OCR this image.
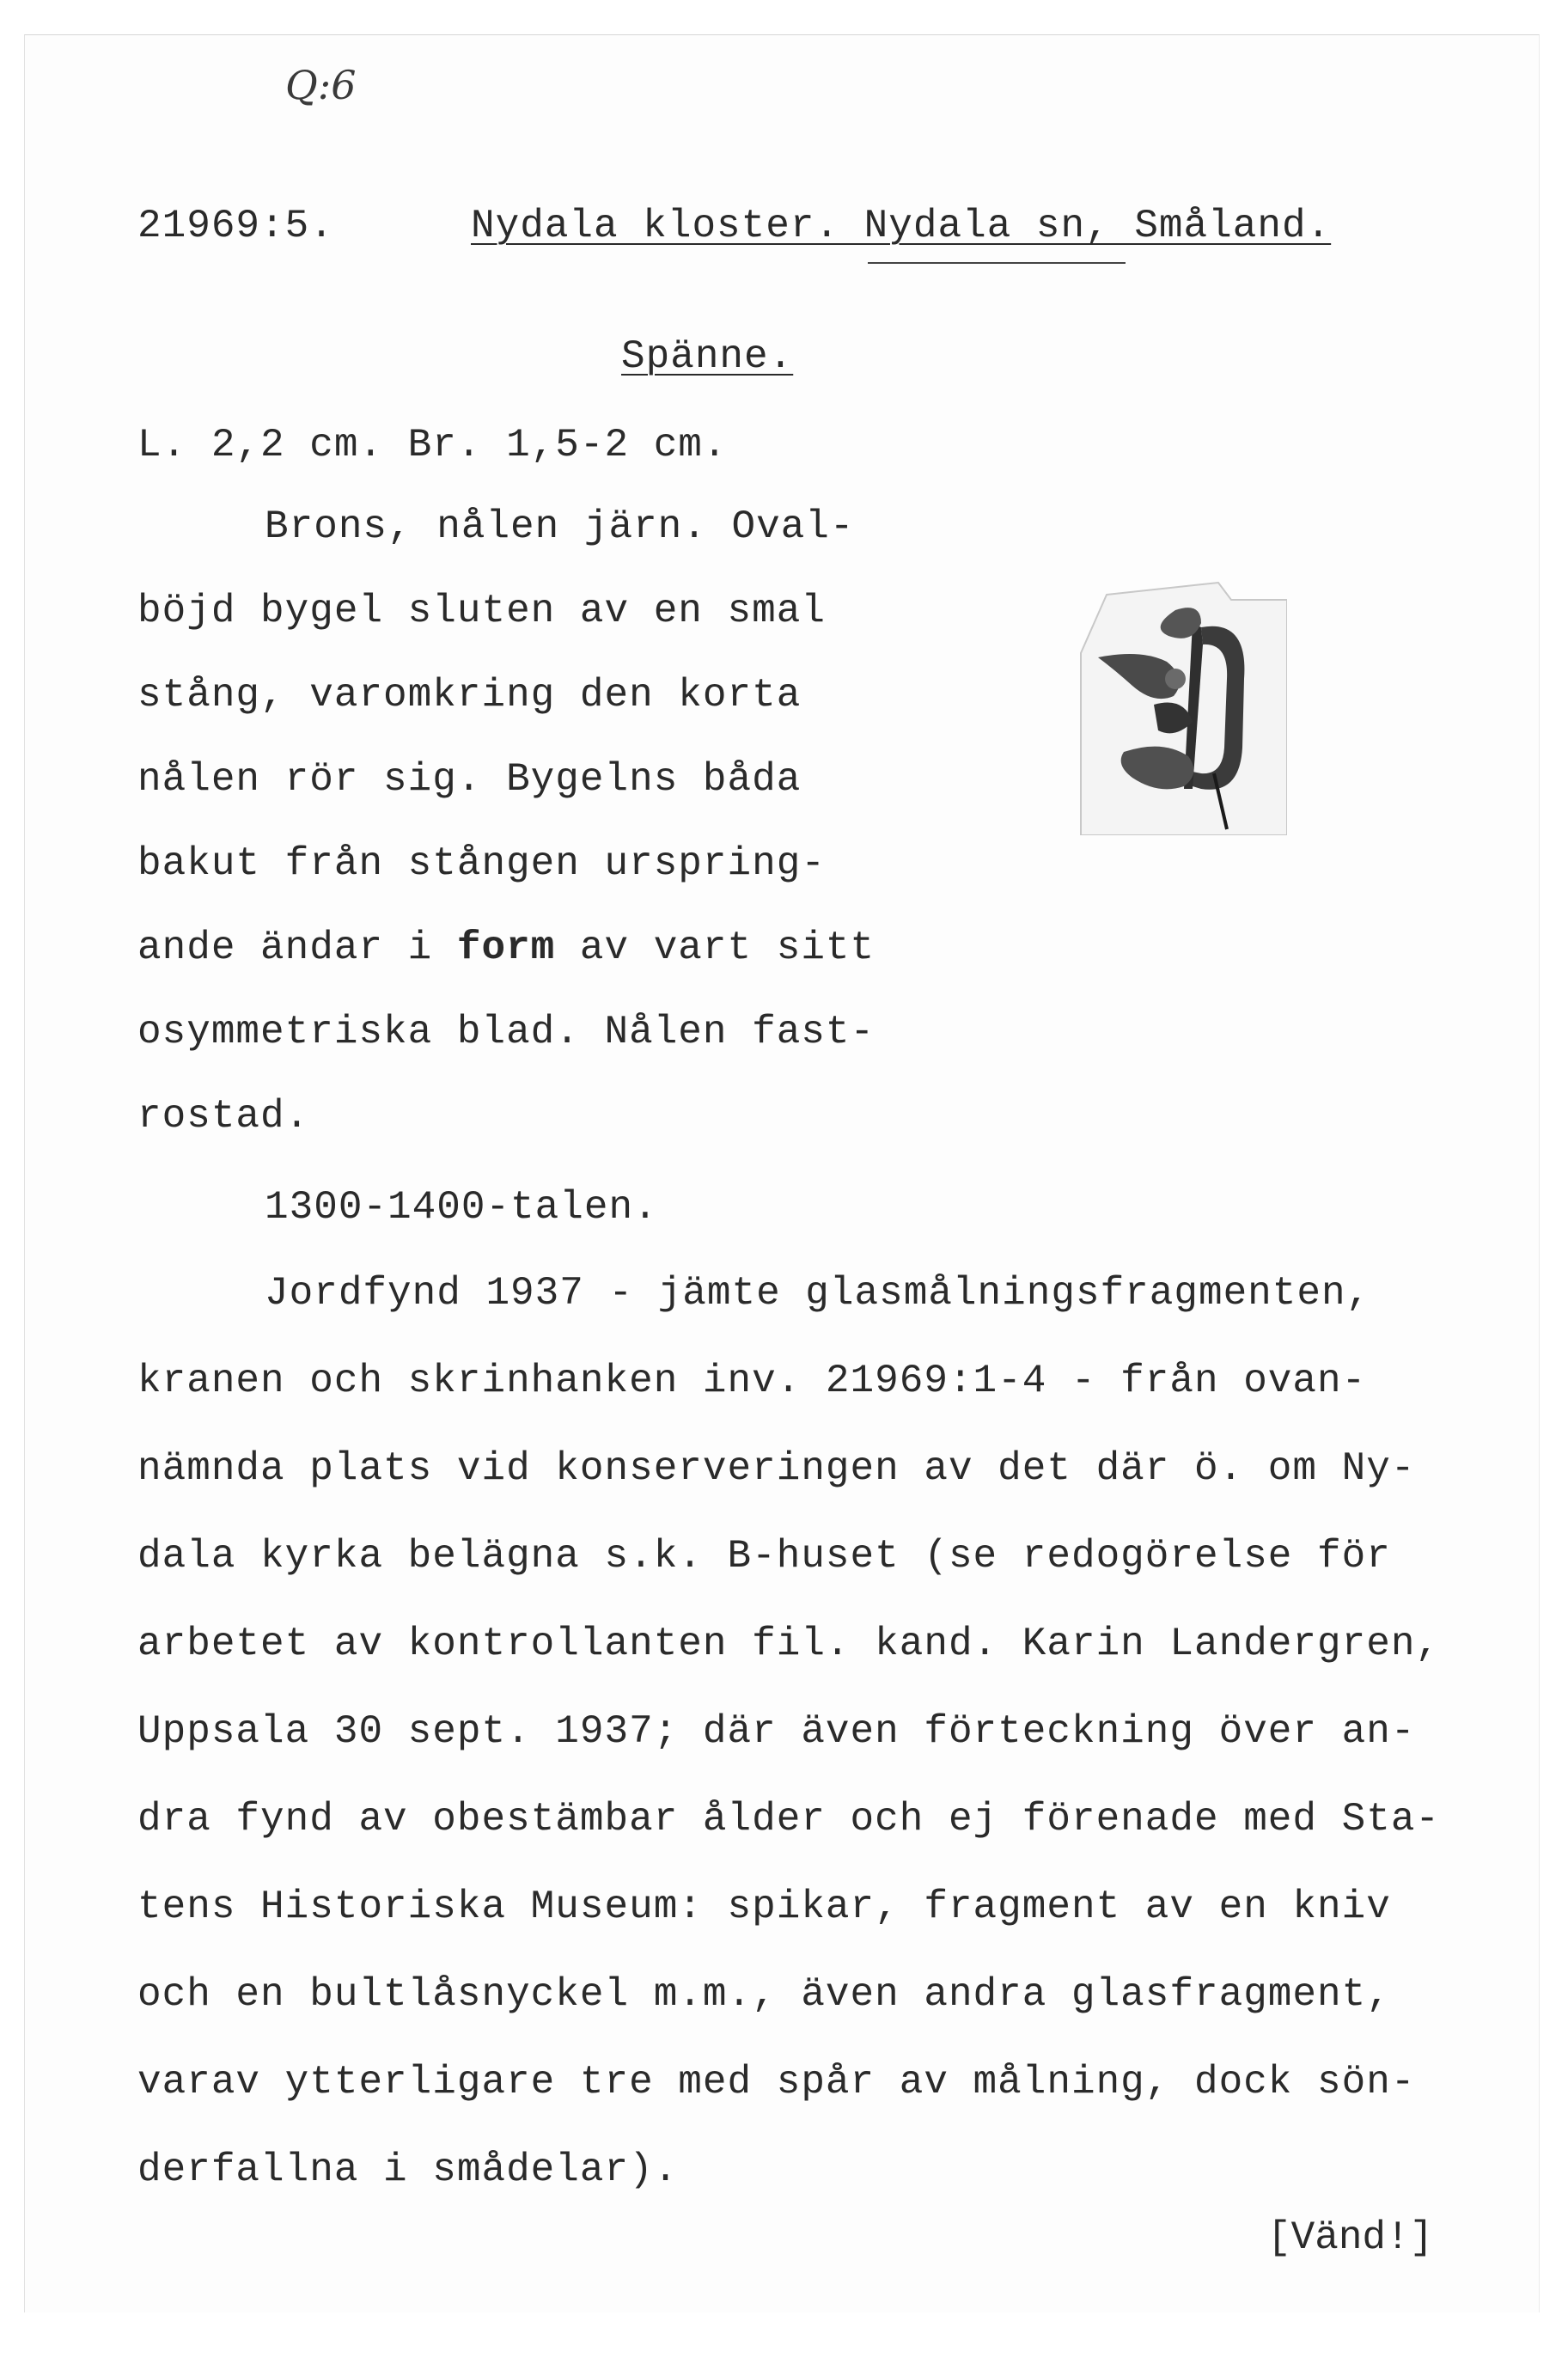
Q:6
21969:5.	Nydala kloster. Nydala sn, Småland.
Spänne.
L. 2,2 cm. Br. 1,5-2 cm.
Brons, nålen järn. Oval-
böjd bygel sluten av en smal
stång, varomkring den korta
nålen rör sig. Bygelns båda
bakut från stången urspring-
ande ändar i form av vart sitt
osymmetriska blad. Nålen fast-
rostad.
1300-1400-talen.
Jordfynd 1937 - jämte glasmålningsfragmenten,
kranen och skrinhanken inv. 21969:1-4 - från ovan-
nämnda plats vid konserveringen av det där ö. om Ny-
dala kyrka belägna s.k. B-huset (se redogörelse för
arbetet av kontrollanten fil. kand. Karin Landergren,
Uppsala 30 sept. 1937; där även förteckning över an-
dra fynd av obestämbar ålder och ej förenade med Sta-
tens Historiska Museum: spikar, fragment av en kniv
och en bultlåsnyckel m.m., även andra glasfragment,
varav ytterligare tre med spår av målning, dock sön-
derfallna i smådelar).
[Vänd!]
